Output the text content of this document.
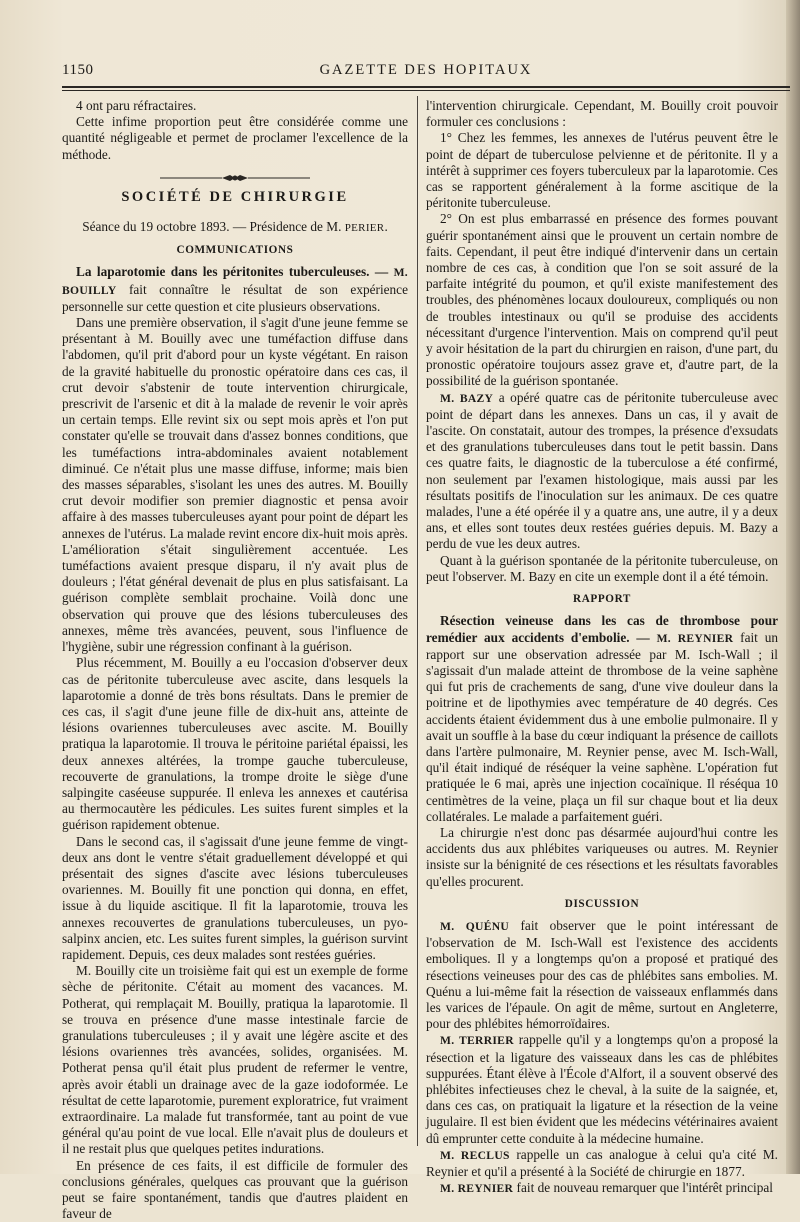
1150	GAZETTE DES HOPITAUX

4 ont paru réfractaires.

Cette infime proportion peut être considérée comme une quantité négligeable et permet de proclamer l'excellence de la méthode.

SOCIÉTÉ DE CHIRURGIE
Séance du 19 octobre 1893. — Présidence de M. PERIER.
COMMUNICATIONS

La laparotomie dans les péritonites tuberculeuses. — M. BOUILLY fait connaître le résultat de son expérience personnelle sur cette question et cite plusieurs observations.

Dans une première observation, il s'agit d'une jeune femme se présentant à M. Bouilly avec une tuméfaction diffuse dans l'abdomen, qu'il prit d'abord pour un kyste végétant. En raison de la gravité habituelle du pronostic opératoire dans ces cas, il crut devoir s'abstenir de toute intervention chirurgicale, prescrivit de l'arsenic et dit à la malade de revenir le voir après un certain temps. Elle revint six ou sept mois après et l'on put constater qu'elle se trouvait dans d'assez bonnes conditions, que les tuméfactions intra-abdominales avaient notablement diminué. Ce n'était plus une masse diffuse, informe; mais bien des masses séparables, s'isolant les unes des autres. M. Bouilly crut devoir modifier son premier diagnostic et pensa avoir affaire à des masses tuberculeuses ayant pour point de départ les annexes de l'utérus. La malade revint encore dix-huit mois après. L'amélioration s'était singulièrement accentuée. Les tuméfactions avaient presque disparu, il n'y avait plus de douleurs ; l'état général devenait de plus en plus satisfaisant. La guérison complète semblait prochaine. Voilà donc une observation qui prouve que des lésions tuberculeuses des annexes, même très avancées, peuvent, sous l'influence de l'hygiène, subir une régression confinant à la guérison.

Plus récemment, M. Bouilly a eu l'occasion d'observer deux cas de péritonite tuberculeuse avec ascite, dans lesquels la laparotomie a donné de très bons résultats. Dans le premier de ces cas, il s'agit d'une jeune fille de dix-huit ans, atteinte de lésions ovariennes tuberculeuses avec ascite. M. Bouilly pratiqua la laparotomie. Il trouva le péritoine pariétal épaissi, les deux annexes altérées, la trompe gauche tuberculeuse, recouverte de granulations, la trompe droite le siège d'une salpingite caséeuse suppurée. Il enleva les annexes et cautérisa au thermocautère les pédicules. Les suites furent simples et la guérison rapidement obtenue.

Dans le second cas, il s'agissait d'une jeune femme de vingt-deux ans dont le ventre s'était graduellement développé et qui présentait des signes d'ascite avec lésions tuberculeuses ovariennes. M. Bouilly fit une ponction qui donna, en effet, issue à du liquide ascitique. Il fit la laparotomie, trouva les annexes recouvertes de granulations tuberculeuses, un pyo-salpinx ancien, etc. Les suites furent simples, la guérison survint rapidement. Depuis, ces deux malades sont restées guéries.

M. Bouilly cite un troisième fait qui est un exemple de forme sèche de péritonite. C'était au moment des vacances. M. Potherat, qui remplaçait M. Bouilly, pratiqua la laparotomie. Il se trouva en présence d'une masse intestinale farcie de granulations tuberculeuses ; il y avait une légère ascite et des lésions ovariennes très avancées, solides, organisées. M. Potherat pensa qu'il était plus prudent de refermer le ventre, après avoir établi un drainage avec de la gaze iodoformée. Le résultat de cette laparotomie, purement exploratrice, fut vraiment extraordinaire. La malade fut transformée, tant au point de vue général qu'au point de vue local. Elle n'avait plus de douleurs et il ne restait plus que quelques petites indurations.

En présence de ces faits, il est difficile de formuler des conclusions générales, quelques cas prouvant que la guérison peut se faire spontanément, tandis que d'autres plaident en faveur de

l'intervention chirurgicale. Cependant, M. Bouilly croit pouvoir formuler ces conclusions :

1° Chez les femmes, les annexes de l'utérus peuvent être le point de départ de tuberculose pelvienne et de péritonite. Il y a intérêt à supprimer ces foyers tuberculeux par la laparotomie. Ces cas se rapportent généralement à la forme ascitique de la péritonite tuberculeuse.

2° On est plus embarrassé en présence des formes pouvant guérir spontanément ainsi que le prouvent un certain nombre de faits. Cependant, il peut être indiqué d'intervenir dans un certain nombre de ces cas, à condition que l'on se soit assuré de la parfaite intégrité du poumon, et qu'il existe manifestement des troubles, des phénomènes locaux douloureux, compliqués ou non de troubles intestinaux ou qu'il se produise des accidents nécessitant d'urgence l'intervention. Mais on comprend qu'il peut y avoir hésitation de la part du chirurgien en raison, d'une part, du pronostic opératoire toujours assez grave et, d'autre part, de la possibilité de la guérison spontanée.

M. BAZY a opéré quatre cas de péritonite tuberculeuse avec point de départ dans les annexes. Dans un cas, il y avait de l'ascite. On constatait, autour des trompes, la présence d'exsudats et des granulations tuberculeuses dans tout le petit bassin. Dans ces quatre faits, le diagnostic de la tuberculose a été confirmé, non seulement par l'examen histologique, mais aussi par les résultats positifs de l'inoculation sur les animaux. De ces quatre malades, l'une a été opérée il y a quatre ans, une autre, il y a deux ans, et elles sont toutes deux restées guéries depuis. M. Bazy a perdu de vue les deux autres.

Quant à la guérison spontanée de la péritonite tuberculeuse, on peut l'observer. M. Bazy en cite un exemple dont il a été témoin.

RAPPORT

Résection veineuse dans les cas de thrombose pour remédier aux accidents d'embolie. — M. REYNIER fait un rapport sur une observation adressée par M. Isch-Wall ; il s'agissait d'un malade atteint de thrombose de la veine saphène qui fut pris de crachements de sang, d'une vive douleur dans la poitrine et de lipothymies avec température de 40 degrés. Ces accidents étaient évidemment dus à une embolie pulmonaire. Il y avait un souffle à la base du cœur indiquant la présence de caillots dans l'artère pulmonaire, M. Reynier pense, avec M. Isch-Wall, qu'il était indiqué de réséquer la veine saphène. L'opération fut pratiquée le 6 mai, après une injection cocaïnique. Il réséqua 10 centimètres de la veine, plaça un fil sur chaque bout et lia deux collatérales. Le malade a parfaitement guéri.

La chirurgie n'est donc pas désarmée aujourd'hui contre les accidents dus aux phlébites variqueuses ou autres. M. Reynier insiste sur la bénignité de ces résections et les résultats favorables qu'elles procurent.

DISCUSSION

M. QUÉNU fait observer que le point intéressant de l'observation de M. Isch-Wall est l'existence des accidents emboliques. Il y a longtemps qu'on a proposé et pratiqué des résections veineuses pour des cas de phlébites sans embolies. M. Quénu a lui-même fait la résection de vaisseaux enflammés dans les varices de l'épaule. On agit de même, surtout en Angleterre, pour des phlébites hémorroïdaires.

M. TERRIER rappelle qu'il y a longtemps qu'on a proposé la résection et la ligature des vaisseaux dans les cas de phlébites suppurées. Étant élève à l'École d'Alfort, il a souvent observé des phlébites infectieuses chez le cheval, à la suite de la saignée, et, dans ces cas, on pratiquait la ligature et la résection de la veine jugulaire. Il est bien évident que les médecins vétérinaires avaient dû emprunter cette conduite à la médecine humaine.

M. RECLUS rappelle un cas analogue à celui qu'a cité M. Reynier et qu'il a présenté à la Société de chirurgie en 1877.

M. REYNIER fait de nouveau remarquer que l'intérêt principal
